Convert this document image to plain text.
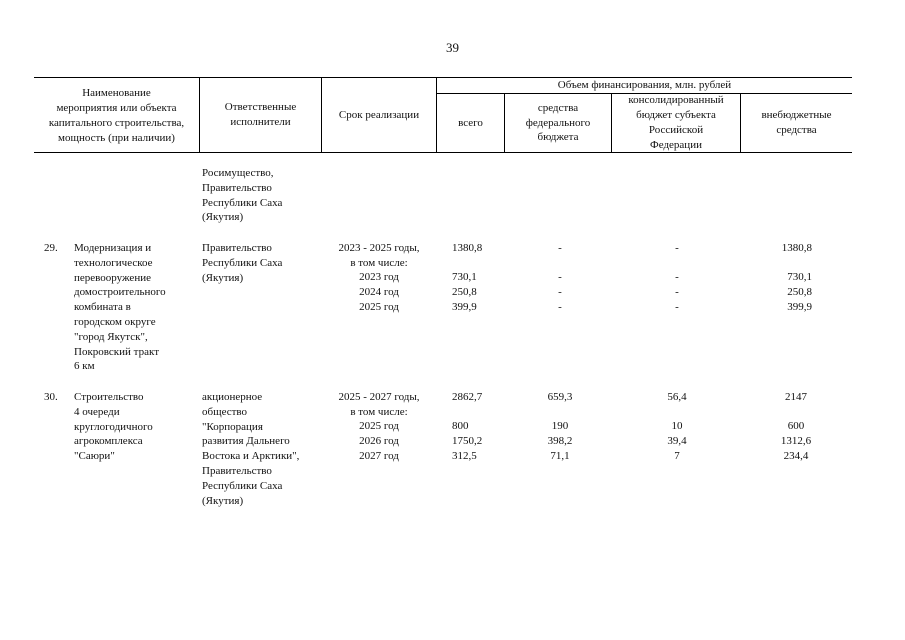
39
Наименование
мероприятия или объекта
капитального строительства,
мощность (при наличии)
Ответственные
исполнители
Срок реализации
Объем финансирования, млн. рублей
всего
средства
федерального
бюджета
консолидированный
бюджет субъекта
Российской
Федерации
внебюджетные
средства
Росимущество,
Правительство
Республики Саха
(Якутия)
29.	Модернизация и
технологическое
перевооружение
домостроительного
комбината в
городском округе
"город Якутск",
Покровский тракт
6 км
Правительство
Республики Саха
(Якутия)
2023 - 2025 годы,
в том числе:
2023 год
2024 год
2025 год
1380,8
730,1
250,8
399,9
-
-
-
-
-
-
-
-
1380,8
730,1
250,8
399,9
30.	Строительство
4 очереди
круглогодичного
агрокомплекса
"Саюри"
акционерное
общество
"Корпорация
развития Дальнего
Востока и Арктики",
Правительство
Республики Саха
(Якутия)
2025 - 2027 годы,
в том числе:
2025 год
2026 год
2027 год
2862,7
800
1750,2
312,5
659,3
190
398,2
71,1
56,4
10
39,4
7
2147
600
1312,6
234,4
